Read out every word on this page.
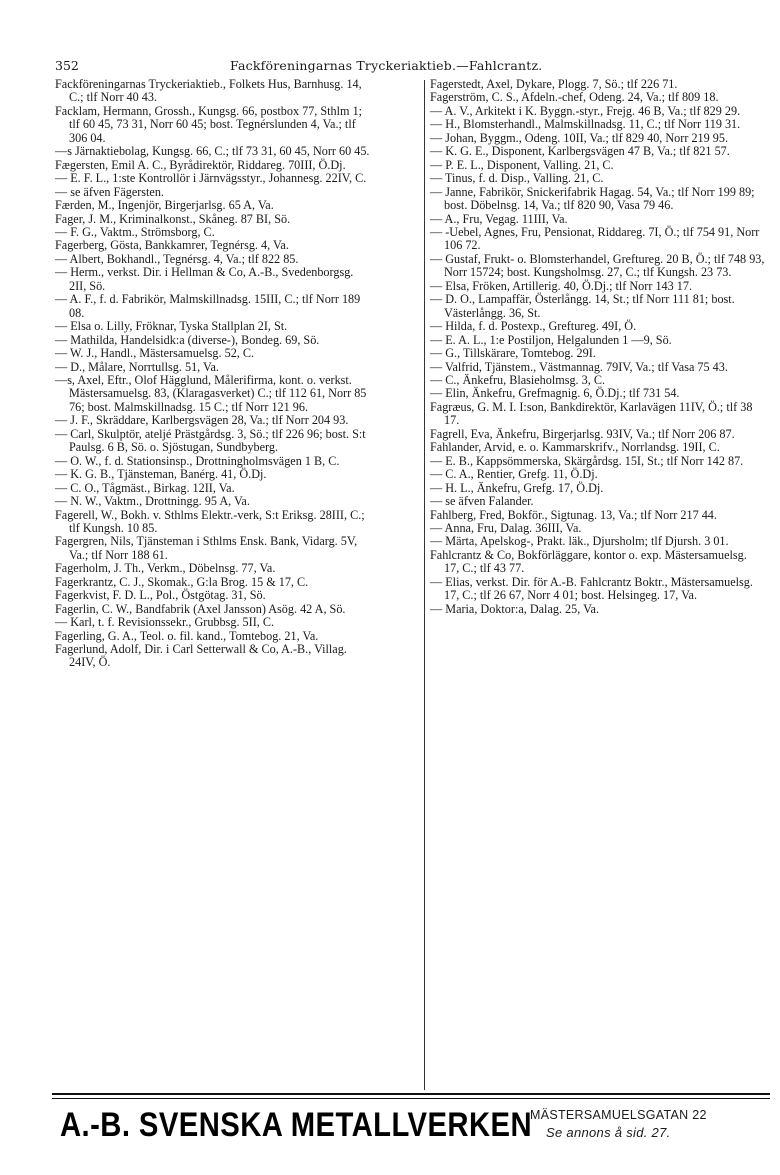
352	Fackföreningarnas Tryckeriaktieb.—Fahlcrantz.

Fackföreningarnas Tryckeriaktieb., Folkets Hus, Barnhusg. 14, C.; tlf Norr 40 43.

Facklam, Hermann, Grossh., Kungsg. 66, postbox 77, Sthlm 1; tlf 60 45, 73 31, Norr 60 45; bost. Tegnérslunden 4, Va.; tlf 306 04.

—s Järnaktiebolag, Kungsg. 66, C.; tlf 73 31, 60 45, Norr 60 45.

Fægersten, Emil A. C., Byrådirektör, Riddareg. 70III, Ö.Dj.

— E. F. L., 1:ste Kontrollör i Järnvägsstyr., Johannesg. 22IV, C.

— se äfven Fägersten.

Færden, M., Ingenjör, Birgerjarlsg. 65 A, Va.

Fager, J. M., Kriminalkonst., Skåneg. 87 BI, Sö.

— F. G., Vaktm., Strömsborg, C.

Fagerberg, Gösta, Bankkamrer, Tegnérsg. 4, Va.

— Albert, Bokhandl., Tegnérsg. 4, Va.; tlf 822 85.

— Herm., verkst. Dir. i Hellman & Co, A.-B., Svedenborgsg. 2II, Sö.

— A. F., f. d. Fabrikör, Malmskillnadsg. 15III, C.; tlf Norr 189 08.

— Elsa o. Lilly, Fröknar, Tyska Stallplan 2I, St.

— Mathilda, Handelsidk:a (diverse-), Bondeg. 69, Sö.

— W. J., Handl., Mästersamuelsg. 52, C.

— D., Målare, Norrtullsg. 51, Va.

—s, Axel, Eftr., Olof Hägglund, Målerifirma, kont. o. verkst. Mästersamuelsg. 83, (Klaragasverket) C.; tlf 112 61, Norr 85 76; bost. Malmskillnadsg. 15 C.; tlf Norr 121 96.

— J. F., Skräddare, Karlbergsvägen 28, Va.; tlf Norr 204 93.

— Carl, Skulptör, ateljé Prästgårdsg. 3, Sö.; tlf 226 96; bost. S:t Paulsg. 6 B, Sö. o. Sjöstugan, Sundbyberg.

— O. W., f. d. Stationsinsp., Drottningholmsvägen 1 B, C.

— K. G. B., Tjänsteman, Banérg. 41, Ö.Dj.

— C. O., Tågmäst., Birkag. 12II, Va.

— N. W., Vaktm., Drottningg. 95 A, Va.

Fagerell, W., Bokh. v. Sthlms Elektr.-verk, S:t Eriksg. 28III, C.; tlf Kungsh. 10 85.

Fagergren, Nils, Tjänsteman i Sthlms Ensk. Bank, Vidarg. 5V, Va.; tlf Norr 188 61.

Fagerholm, J. Th., Verkm., Döbelnsg. 77, Va.

Fagerkrantz, C. J., Skomak., G:la Brog. 15 & 17, C.

Fagerkvist, F. D. L., Pol., Östgötag. 31, Sö.

Fagerlin, C. W., Bandfabrik (Axel Jansson) Asög. 42 A, Sö.

— Karl, t. f. Revisionssekr., Grubbsg. 5II, C.

Fagerling, G. A., Teol. o. fil. kand., Tomtebog. 21, Va.

Fagerlund, Adolf, Dir. i Carl Setterwall & Co, A.-B., Villag. 24IV, Ö.

Fagerstedt, Axel, Dykare, Plogg. 7, Sö.; tlf 226 71.

Fagerström, C. S., Afdeln.-chef, Odeng. 24, Va.; tlf 809 18.

— A. V., Arkitekt i K. Byggn.-styr., Frejg. 46 B, Va.; tlf 829 29.

— H., Blomsterhandl., Malmskillnadsg. 11, C.; tlf Norr 119 31.

— Johan, Byggm., Odeng. 10II, Va.; tlf 829 40, Norr 219 95.

— K. G. E., Disponent, Karlbergsvägen 47 B, Va.; tlf 821 57.

— P. E. L., Disponent, Valling. 21, C.

— Tinus, f. d. Disp., Valling. 21, C.

— Janne, Fabrikör, Snickerifabrik Hagag. 54, Va.; tlf Norr 199 89; bost. Döbelnsg. 14, Va.; tlf 820 90, Vasa 79 46.

— A., Fru, Vegag. 11III, Va.

— -Uebel, Agnes, Fru, Pensionat, Riddareg. 7I, Ö.; tlf 754 91, Norr 106 72.

— Gustaf, Frukt- o. Blomsterhandel, Greftureg. 20 B, Ö.; tlf 748 93, Norr 15724; bost. Kungsholmsg. 27, C.; tlf Kungsh. 23 73.

— Elsa, Fröken, Artillerig. 40, Ö.Dj.; tlf Norr 143 17.

— D. O., Lampaffär, Österlångg. 14, St.; tlf Norr 111 81; bost. Västerlångg. 36, St.

— Hilda, f. d. Postexp., Greftureg. 49I, Ö.

— E. A. L., 1:e Postiljon, Helgalunden 1 —9, Sö.

— G., Tillskärare, Tomtebog. 29I.

— Valfrid, Tjänstem., Västmannag. 79IV, Va.; tlf Vasa 75 43.

— C., Änkefru, Blasieholmsg. 3, C.

— Elin, Änkefru, Grefmagnig. 6, Ö.Dj.; tlf 731 54.

Fagræus, G. M. I. I:son, Bankdirektör, Karlavägen 11IV, Ö.; tlf 38 17.

Fagrell, Eva, Änkefru, Birgerjarlsg. 93IV, Va.; tlf Norr 206 87.

Fahlander, Arvid, e. o. Kammarskrifv., Norrlandsg. 19II, C.

— E. B., Kappsömmerska, Skärgårdsg. 15I, St.; tlf Norr 142 87.

— C. A., Rentier, Grefg. 11, Ö.Dj.

— H. L., Änkefru, Grefg. 17, Ö.Dj.

— se äfven Falander.

Fahlberg, Fred, Bokför., Sigtunag. 13, Va.; tlf Norr 217 44.

— Anna, Fru, Dalag. 36III, Va.

— Märta, Apelskog-, Prakt. läk., Djursholm; tlf Djursh. 3 01.

Fahlcrantz & Co, Bokförläggare, kontor o. exp. Mästersamuelsg. 17, C.; tlf 43 77.

— Elias, verkst. Dir. för A.-B. Fahlcrantz Boktr., Mästersamuelsg. 17, C.; tlf 26 67, Norr 4 01; bost. Helsingeg. 17, Va.

— Maria, Doktor:a, Dalag. 25, Va.

A.-B. SVENSKA METALLVERKEN
MÄSTERSAMUELSGATAN 22
Se annons å sid. 27.
